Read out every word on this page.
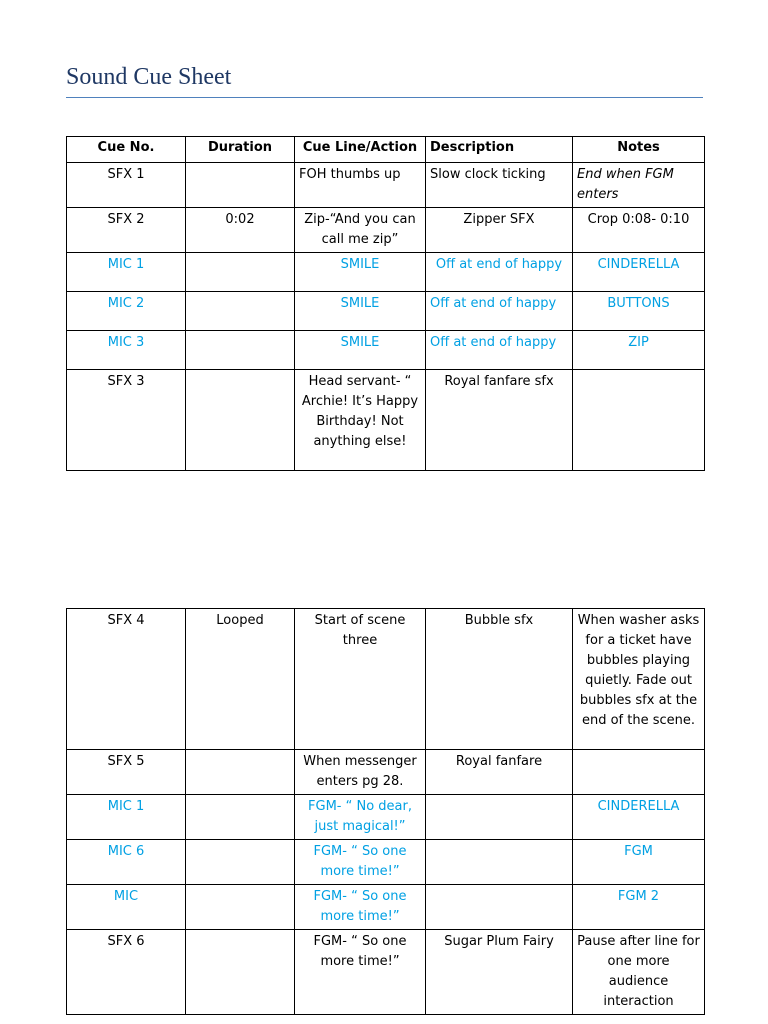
Sound Cue Sheet
Cue No.	Duration	Cue Line/Action	Description	Notes
SFX 1		FOH thumbs up	Slow clock ticking	End when FGM enters
SFX 2	0:02	Zip-“And you can call me zip”	Zipper SFX	Crop 0:08- 0:10
MIC 1		SMILE	Off at end of happy	CINDERELLA
MIC 2		SMILE	Off at end of happy	BUTTONS
MIC 3		SMILE	Off at end of happy	ZIP
SFX 3		Head servant- “ Archie! It’s Happy Birthday! Not anything else!	Royal fanfare sfx	
SFX 4	Looped	Start of scene three	Bubble sfx	When washer asks for a ticket have bubbles playing quietly. Fade out bubbles sfx at the end of the scene.
SFX 5		When messenger enters pg 28.	Royal fanfare	
MIC 1		FGM- “ No dear, just magical!”		CINDERELLA
MIC 6		FGM- “ So one more time!”		FGM
MIC		FGM- “ So one more time!”		FGM 2
SFX 6		FGM- “ So one more time!”	Sugar Plum Fairy	Pause after line for one more audience interaction
